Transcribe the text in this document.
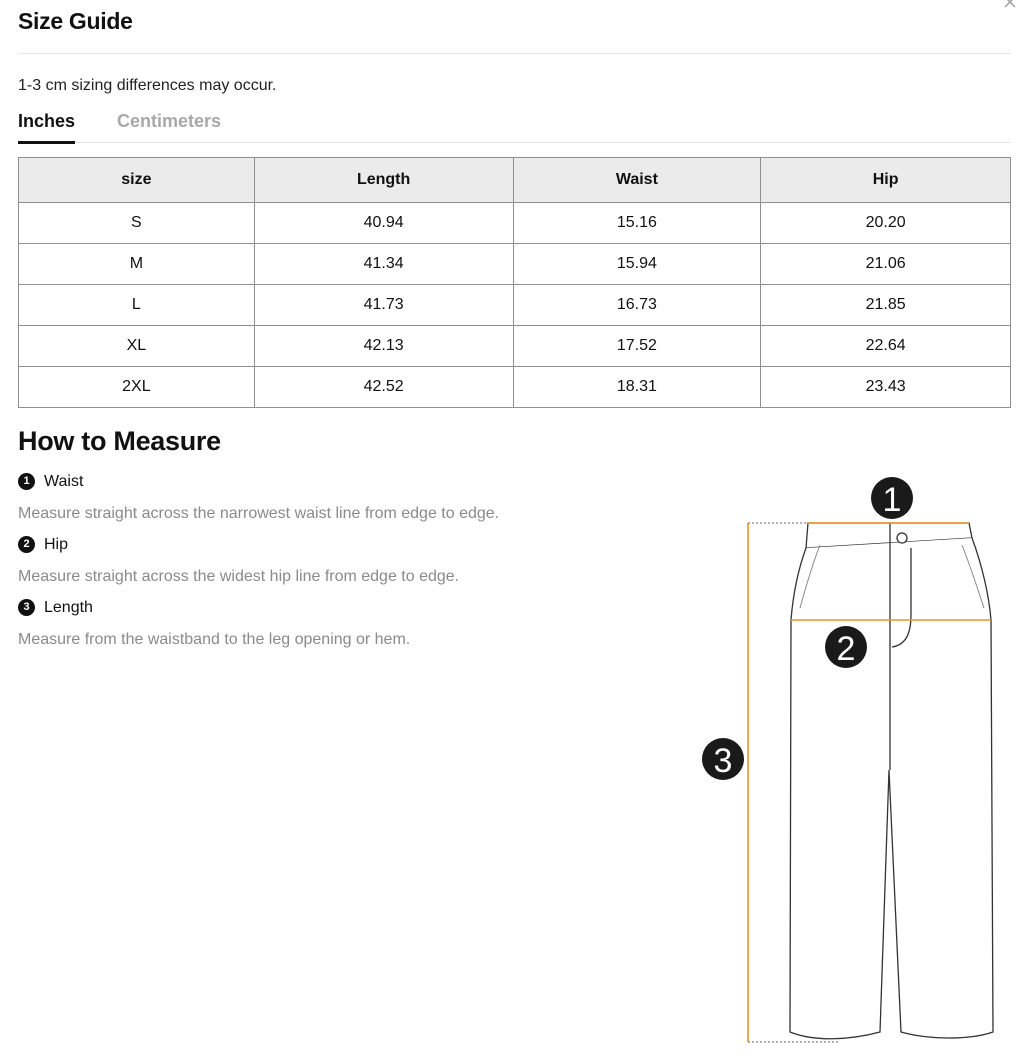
Size Guide
1-3 cm sizing differences may occur.
Inches Centimeters
size	Length	Waist	Hip
S	40.94	15.16	20.20
M	41.34	15.94	21.06
L	41.73	16.73	21.85
XL	42.13	17.52	22.64
2XL	42.52	18.31	23.43
How to Measure
1 Waist
Measure straight across the narrowest waist line from edge to edge.
2 Hip
Measure straight across the widest hip line from edge to edge.
3 Length
Measure from the waistband to the leg opening or hem.
1
2
3
